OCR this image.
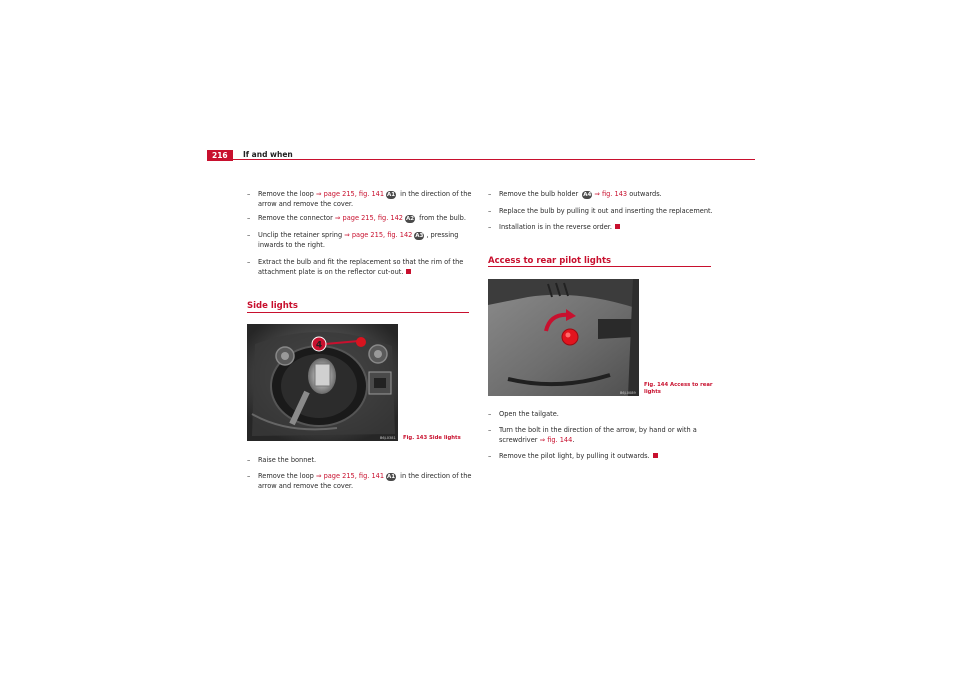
216	If and when
–	Remove the loop ⇒ page 215, fig. 141 A1 in the direction of the
arrow and remove the cover.
–	Remove the connector ⇒ page 215, fig. 142 A2 from the bulb.
–	Unclip the retainer spring ⇒ page 215, fig. 142 A3 , pressing
inwards to the right.
–	Extract the bulb and fit the replacement so that the rim of the
attachment plate is on the reflector cut-out.
Side lights
4
B6J-0381 Fig. 143 Side lights
–	Raise the bonnet.
–	Remove the loop ⇒ page 215, fig. 141 A1 in the direction of the
arrow and remove the cover.
–	Remove the bulb holder A4 ⇒ fig. 143 outwards.
–	Replace the bulb by pulling it out and inserting the replacement.
–	Installation is in the reverse order.
Access to rear pilot lights
B6J-0089
Fig. 144 Access to rear
lights
–	Open the tailgate.
–	Turn the bolt in the direction of the arrow, by hand or with a
screwdriver ⇒ fig. 144.
–	Remove the pilot light, by pulling it outwards.
